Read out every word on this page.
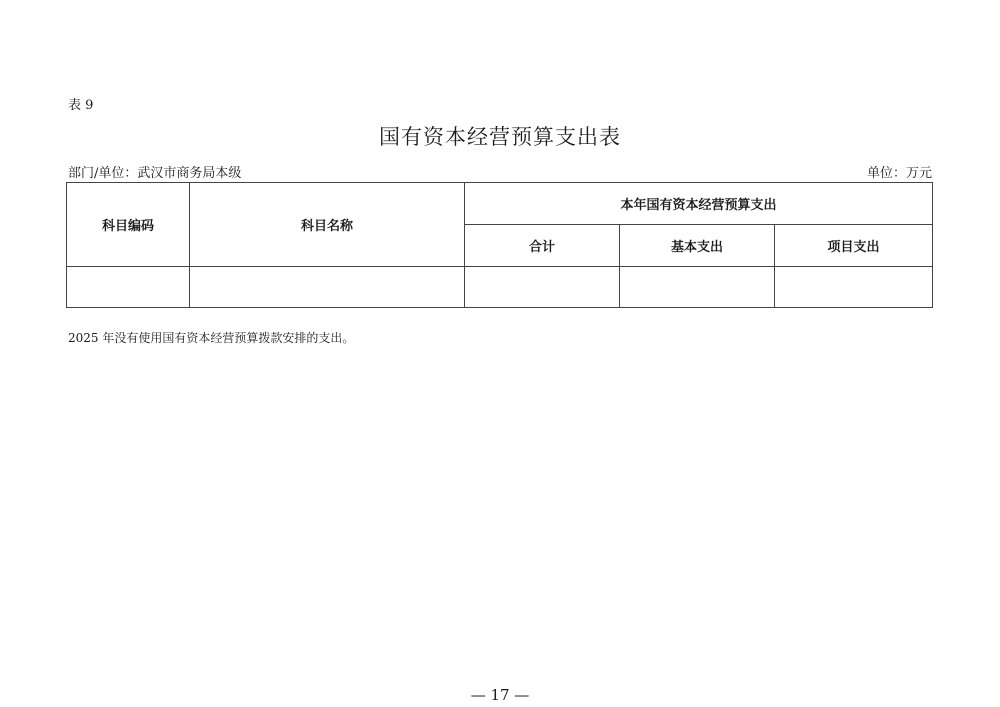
表 9
国有资本经营预算支出表
部门/单位：武汉市商务局本级	单位：万元
科目编码	科目名称	本年国有资本经营预算支出		
		合计	基本支出	项目支出

2025 年没有使用国有资本经营预算拨款安排的支出。
— 17 —
